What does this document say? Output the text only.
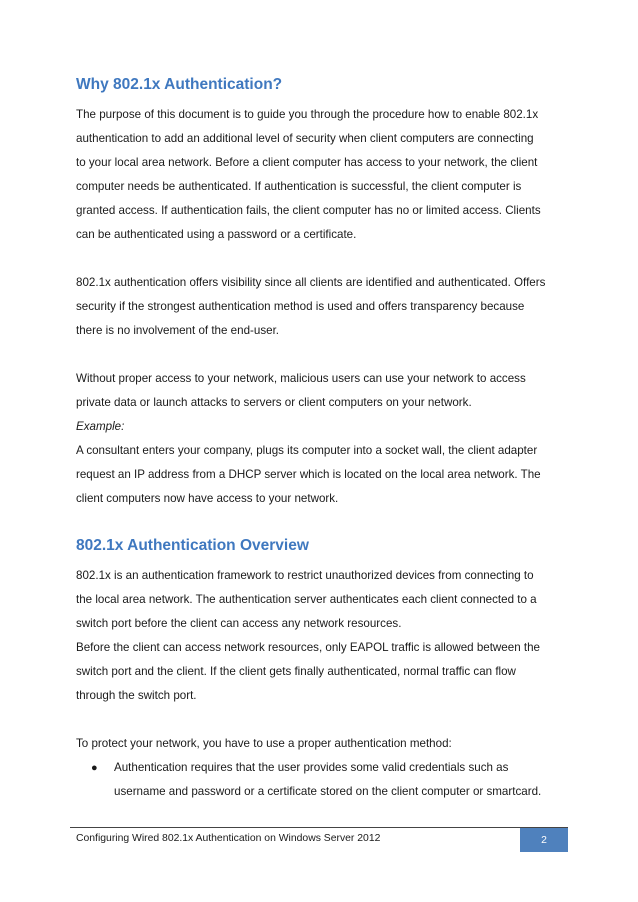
Why 802.1x Authentication?

The purpose of this document is to guide you through the procedure how to enable 802.1x
authentication to add an additional level of security when client computers are connecting
to your local area network. Before a client computer has access to your network, the client
computer needs be authenticated. If authentication is successful, the client computer is
granted access. If authentication fails, the client computer has no or limited access. Clients
can be authenticated using a password or a certificate.

802.1x authentication offers visibility since all clients are identified and authenticated. Offers
security if the strongest authentication method is used and offers transparency because
there is no involvement of the end-user.

Without proper access to your network, malicious users can use your network to access
private data or launch attacks to servers or client computers on your network.
Example:
A consultant enters your company, plugs its computer into a socket wall, the client adapter
request an IP address from a DHCP server which is located on the local area network. The
client computers now have access to your network.

802.1x Authentication Overview

802.1x is an authentication framework to restrict unauthorized devices from connecting to
the local area network. The authentication server authenticates each client connected to a
switch port before the client can access any network resources.
Before the client can access network resources, only EAPOL traffic is allowed between the
switch port and the client. If the client gets finally authenticated, normal traffic can flow
through the switch port.

To protect your network, you have to use a proper authentication method:

● Authentication requires that the user provides some valid credentials such as
username and password or a certificate stored on the client computer or smartcard.
Configuring Wired 802.1x Authentication on Windows Server 2012	2
